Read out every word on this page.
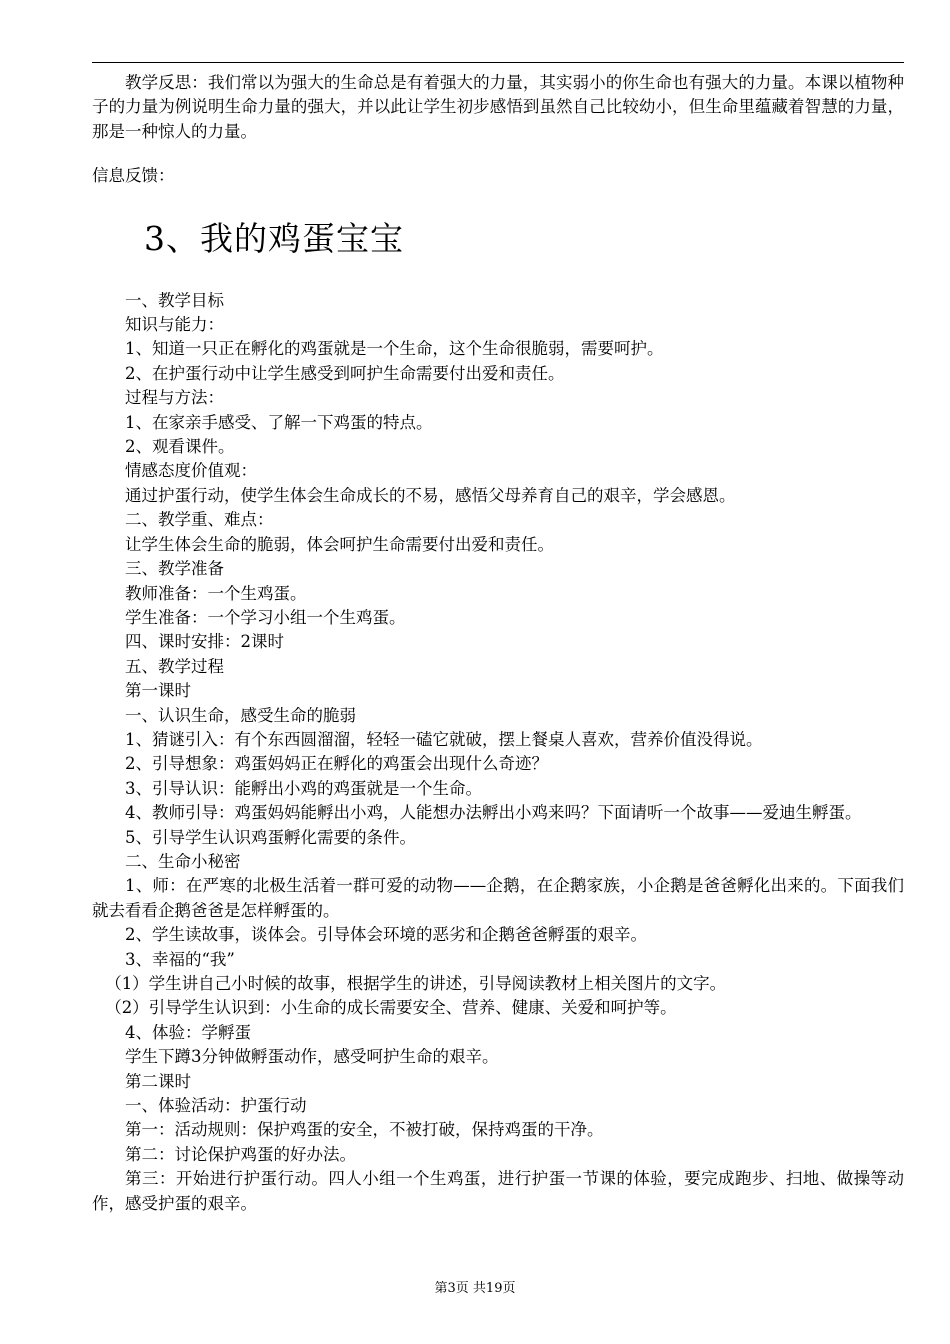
教学反思：我们常以为强大的生命总是有着强大的力量，其实弱小的你生命也有强大的力量。本课以植物种子的力量为例说明生命力量的强大，并以此让学生初步感悟到虽然自己比较幼小，但生命里蕴藏着智慧的力量，那是一种惊人的力量。

信息反馈：

3、我的鸡蛋宝宝

一、教学目标

知识与能力：

1、知道一只正在孵化的鸡蛋就是一个生命，这个生命很脆弱，需要呵护。

2、在护蛋行动中让学生感受到呵护生命需要付出爱和责任。

过程与方法：

1、在家亲手感受、了解一下鸡蛋的特点。

2、观看课件。

情感态度价值观：

通过护蛋行动，使学生体会生命成长的不易，感悟父母养育自己的艰辛，学会感恩。

二、教学重、难点：

让学生体会生命的脆弱，体会呵护生命需要付出爱和责任。

三、教学准备

教师准备：一个生鸡蛋。

学生准备：一个学习小组一个生鸡蛋。

四、课时安排：2课时

五、教学过程

第一课时

一、认识生命，感受生命的脆弱

1、猜谜引入：有个东西圆溜溜，轻轻一磕它就破，摆上餐桌人喜欢，营养价值没得说。

2、引导想象：鸡蛋妈妈正在孵化的鸡蛋会出现什么奇迹？

3、引导认识：能孵出小鸡的鸡蛋就是一个生命。

4、教师引导：鸡蛋妈妈能孵出小鸡，人能想办法孵出小鸡来吗？下面请听一个故事——爱迪生孵蛋。

5、引导学生认识鸡蛋孵化需要的条件。

二、生命小秘密

1、师：在严寒的北极生活着一群可爱的动物——企鹅，在企鹅家族，小企鹅是爸爸孵化出来的。下面我们就去看看企鹅爸爸是怎样孵蛋的。

2、学生读故事，谈体会。引导体会环境的恶劣和企鹅爸爸孵蛋的艰辛。

3、幸福的“我”

（1）学生讲自己小时候的故事，根据学生的讲述，引导阅读教材上相关图片的文字。

（2）引导学生认识到：小生命的成长需要安全、营养、健康、关爱和呵护等。

4、体验：学孵蛋

学生下蹲3分钟做孵蛋动作，感受呵护生命的艰辛。

第二课时

一、体验活动：护蛋行动

第一：活动规则：保护鸡蛋的安全，不被打破，保持鸡蛋的干净。

第二：讨论保护鸡蛋的好办法。

第三：开始进行护蛋行动。四人小组一个生鸡蛋，进行护蛋一节课的体验，要完成跑步、扫地、做操等动作，感受护蛋的艰辛。

第3页 共19页
